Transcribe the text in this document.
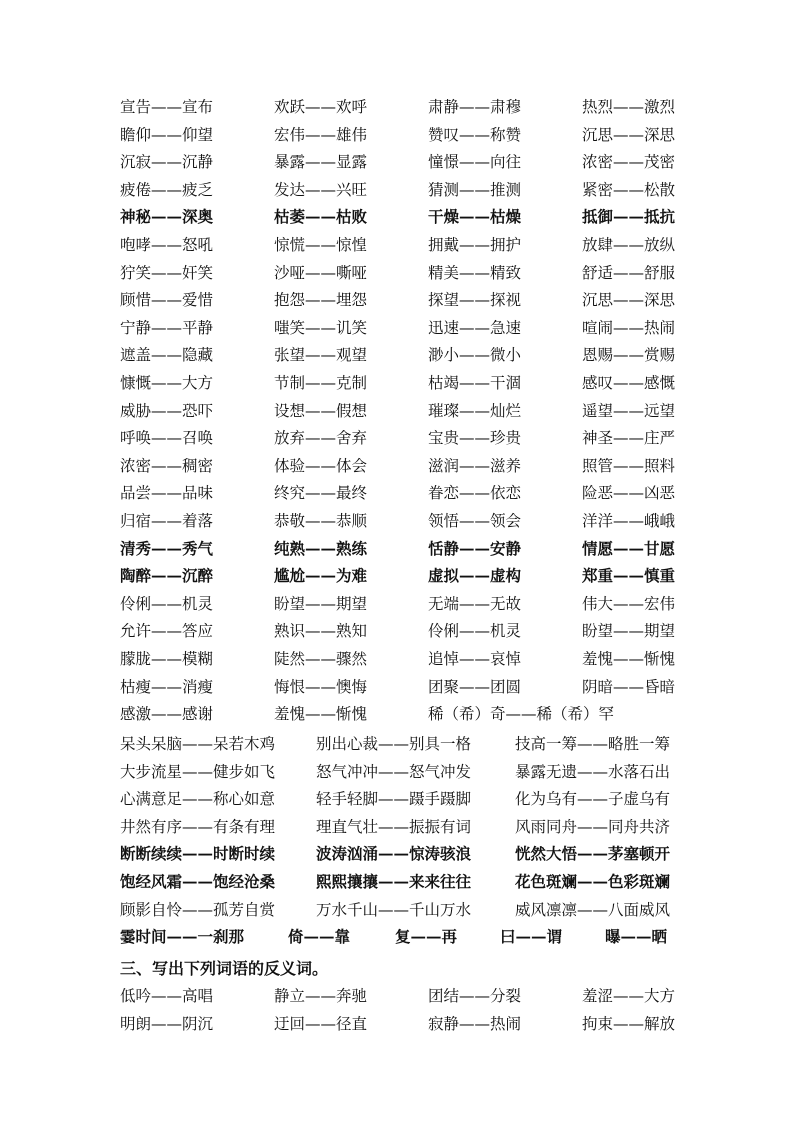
宣告——宣布	欢跃——欢呼	肃静——肃穆	热烈——激烈
瞻仰——仰望	宏伟——雄伟	赞叹——称赞	沉思——深思
沉寂——沉静	暴露——显露	憧憬——向往	浓密——茂密
疲倦——疲乏	发达——兴旺	猜测——推测	紧密——松散
神秘——深奥	枯萎——枯败	干燥——枯燥	抵御——抵抗
咆哮——怒吼	惊慌——惊惶	拥戴——拥护	放肆——放纵
狞笑——奸笑	沙哑——嘶哑	精美——精致	舒适——舒服
顾惜——爱惜	抱怨——埋怨	探望——探视	沉思——深思
宁静——平静	嗤笑——讥笑	迅速——急速	喧闹——热闹
遮盖——隐藏	张望——观望	渺小——微小	恩赐——赏赐
慷慨——大方	节制——克制	枯竭——干涸	感叹——感慨
威胁——恐吓	设想——假想	璀璨——灿烂	遥望——远望
呼唤——召唤	放弃——舍弃	宝贵——珍贵	神圣——庄严
浓密——稠密	体验——体会	滋润——滋养	照管——照料
品尝——品味	终究——最终	眷恋——依恋	险恶——凶恶
归宿——着落	恭敬——恭顺	领悟——领会	洋洋——峨峨
清秀——秀气	纯熟——熟练	恬静——安静	情愿——甘愿
陶醉——沉醉	尴尬——为难	虚拟——虚构	郑重——慎重
伶俐——机灵	盼望——期望	无端——无故	伟大——宏伟
允许——答应	熟识——熟知	伶俐——机灵	盼望——期望
朦胧——模糊	陡然——骤然	追悼——哀悼	羞愧——惭愧
枯瘦——消瘦	悔恨——懊悔	团聚——团圆	阴暗——昏暗
感激——感谢	羞愧——惭愧	稀（希）奇——稀（希）罕
呆头呆脑——呆若木鸡	别出心裁——别具一格	技高一筹——略胜一筹
大步流星——健步如飞	怒气冲冲——怒气冲发	暴露无遗——水落石出
心满意足——称心如意	轻手轻脚——蹑手蹑脚	化为乌有——子虚乌有
井然有序——有条有理	理直气壮——振振有词	风雨同舟——同舟共济
断断续续——时断时续	波涛汹涌——惊涛骇浪	恍然大悟——茅塞顿开
饱经风霜——饱经沧桑	熙熙攘攘——来来往往	花色斑斓——色彩斑斓
顾影自怜——孤芳自赏	万水千山——千山万水	威风凛凛——八面威风
霎时间——一刹那	倚——靠	复——再	曰——谓	曝——晒
三、写出下列词语的反义词。
低吟——高唱	静立——奔驰	团结——分裂	羞涩——大方
明朗——阴沉	迂回——径直	寂静——热闹	拘束——解放
